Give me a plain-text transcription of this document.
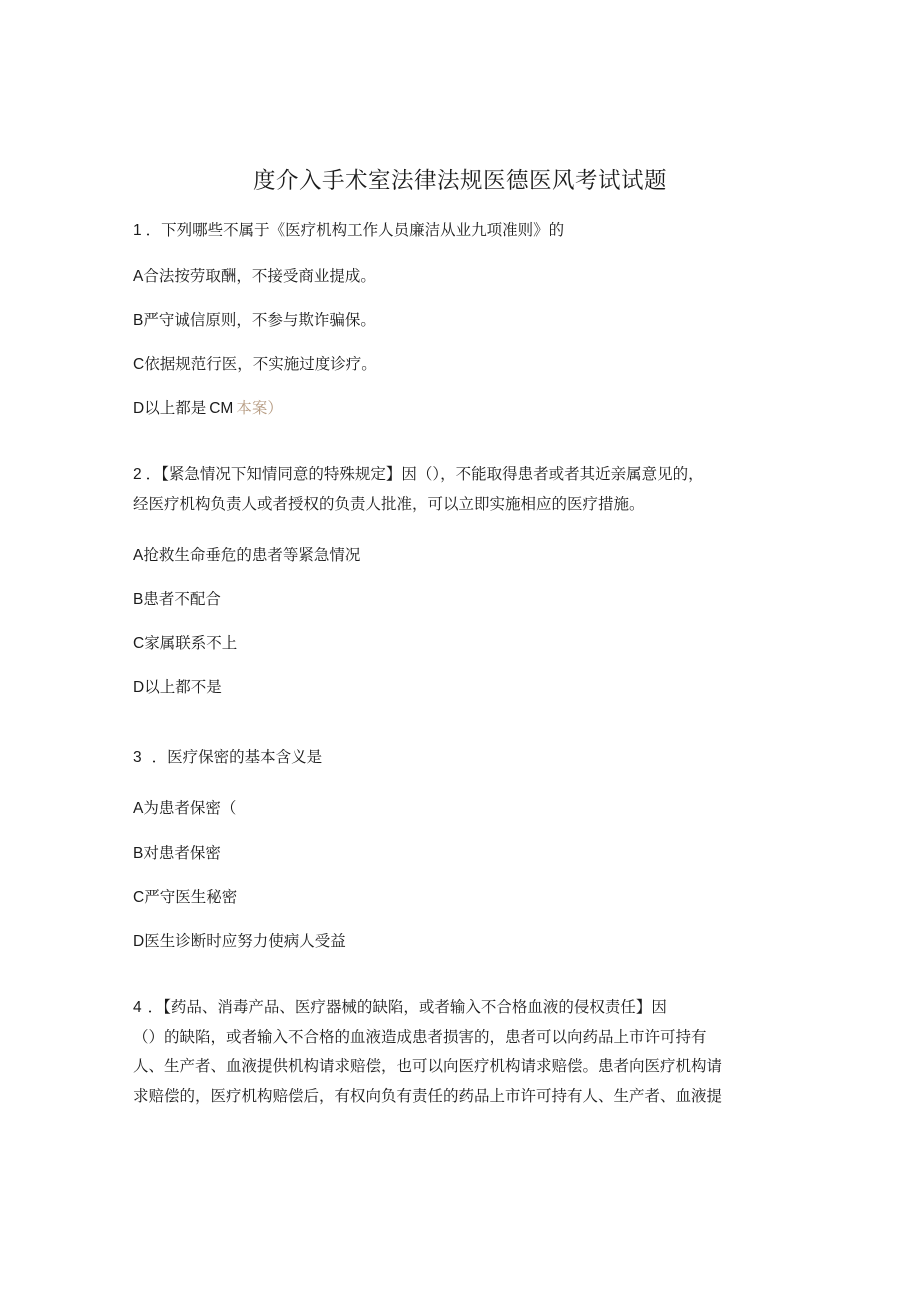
度介入手术室法律法规医德医风考试试题
1 ．下列哪些不属于《医疗机构工作人员廉洁从业九项准则》的
A合法按劳取酬，不接受商业提成。
B严守诚信原则，不参与欺诈骗保。
C依据规范行医，不实施过度诊疗。
D以上都是 CM 本案）
2 ．【紧急情况下知情同意的特殊规定】因（），不能取得患者或者其近亲属意见的，
经医疗机构负责人或者授权的负责人批准，可以立即实施相应的医疗措施。
A抢救生命垂危的患者等紧急情况
B患者不配合
C家属联系不上
D以上都不是
3 ．医疗保密的基本含义是
A为患者保密（
B对患者保密
C严守医生秘密
D医生诊断时应努力使病人受益
4 ．【药品、消毒产品、医疗器械的缺陷，或者输入不合格血液的侵权责任】因
（）的缺陷，或者输入不合格的血液造成患者损害的，患者可以向药品上市许可持有
人、生产者、血液提供机构请求赔偿，也可以向医疗机构请求赔偿。患者向医疗机构请
求赔偿的，医疗机构赔偿后，有权向负有责任的药品上市许可持有人、生产者、血液提
